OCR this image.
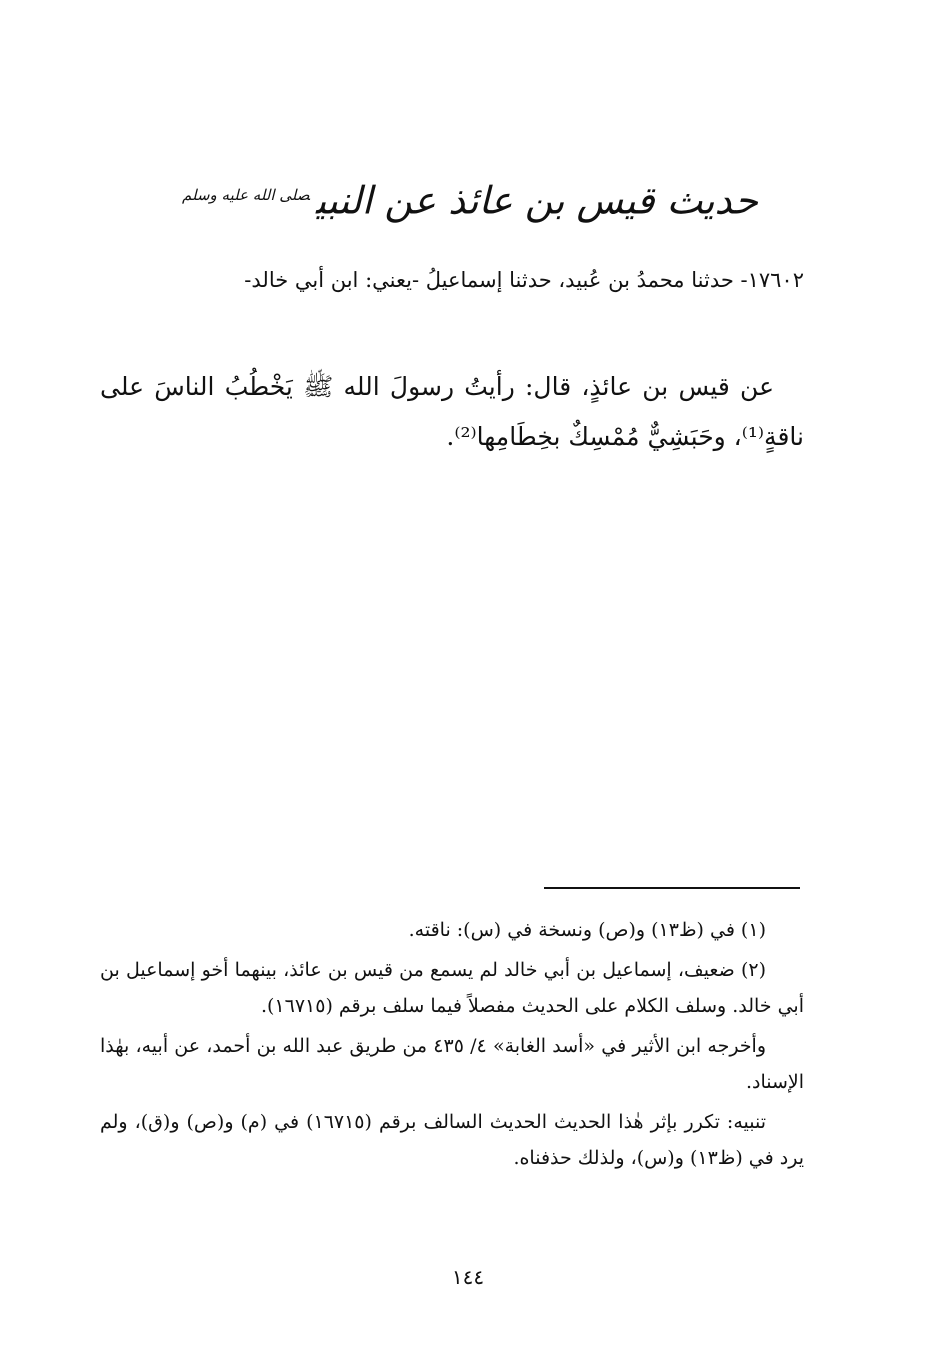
حديث قيس بن عائذ عن النبي$^{صلى الله عليه وسلم}$
١٧٦٠٢- حدثنا محمدُ بن عُبيد، حدثنا إسماعيلُ -يعني: ابن أبي خالد-
عن قيس بن عائذٍ، قال: رأيتُ رسولَ الله ﷺ يَخْطُبُ الناسَ على ناقةٍ⁽¹⁾، وحَبَشِيٌّ مُمْسِكٌ بخِطَامِها⁽²⁾.

(١) في (ظ١٣) و(ص) ونسخة في (س): ناقته.

(٢) ضعيف، إسماعيل بن أبي خالد لم يسمع من قيس بن عائذ، بينهما أخو إسماعيل بن أبي خالد. وسلف الكلام على الحديث مفصلاً فيما سلف برقم (١٦٧١٥).

وأخرجه ابن الأثير في «أسد الغابة» ٤/ ٤٣٥ من طريق عبد الله بن أحمد، عن أبيه، بهٰذا الإسناد.

تنبيه: تكرر بإثر هٰذا الحديث الحديث السالف برقم (١٦٧١٥) في (م) و(ص) و(ق)، ولم يرد في (ظ١٣) و(س)، ولذلك حذفناه.

١٤٤
